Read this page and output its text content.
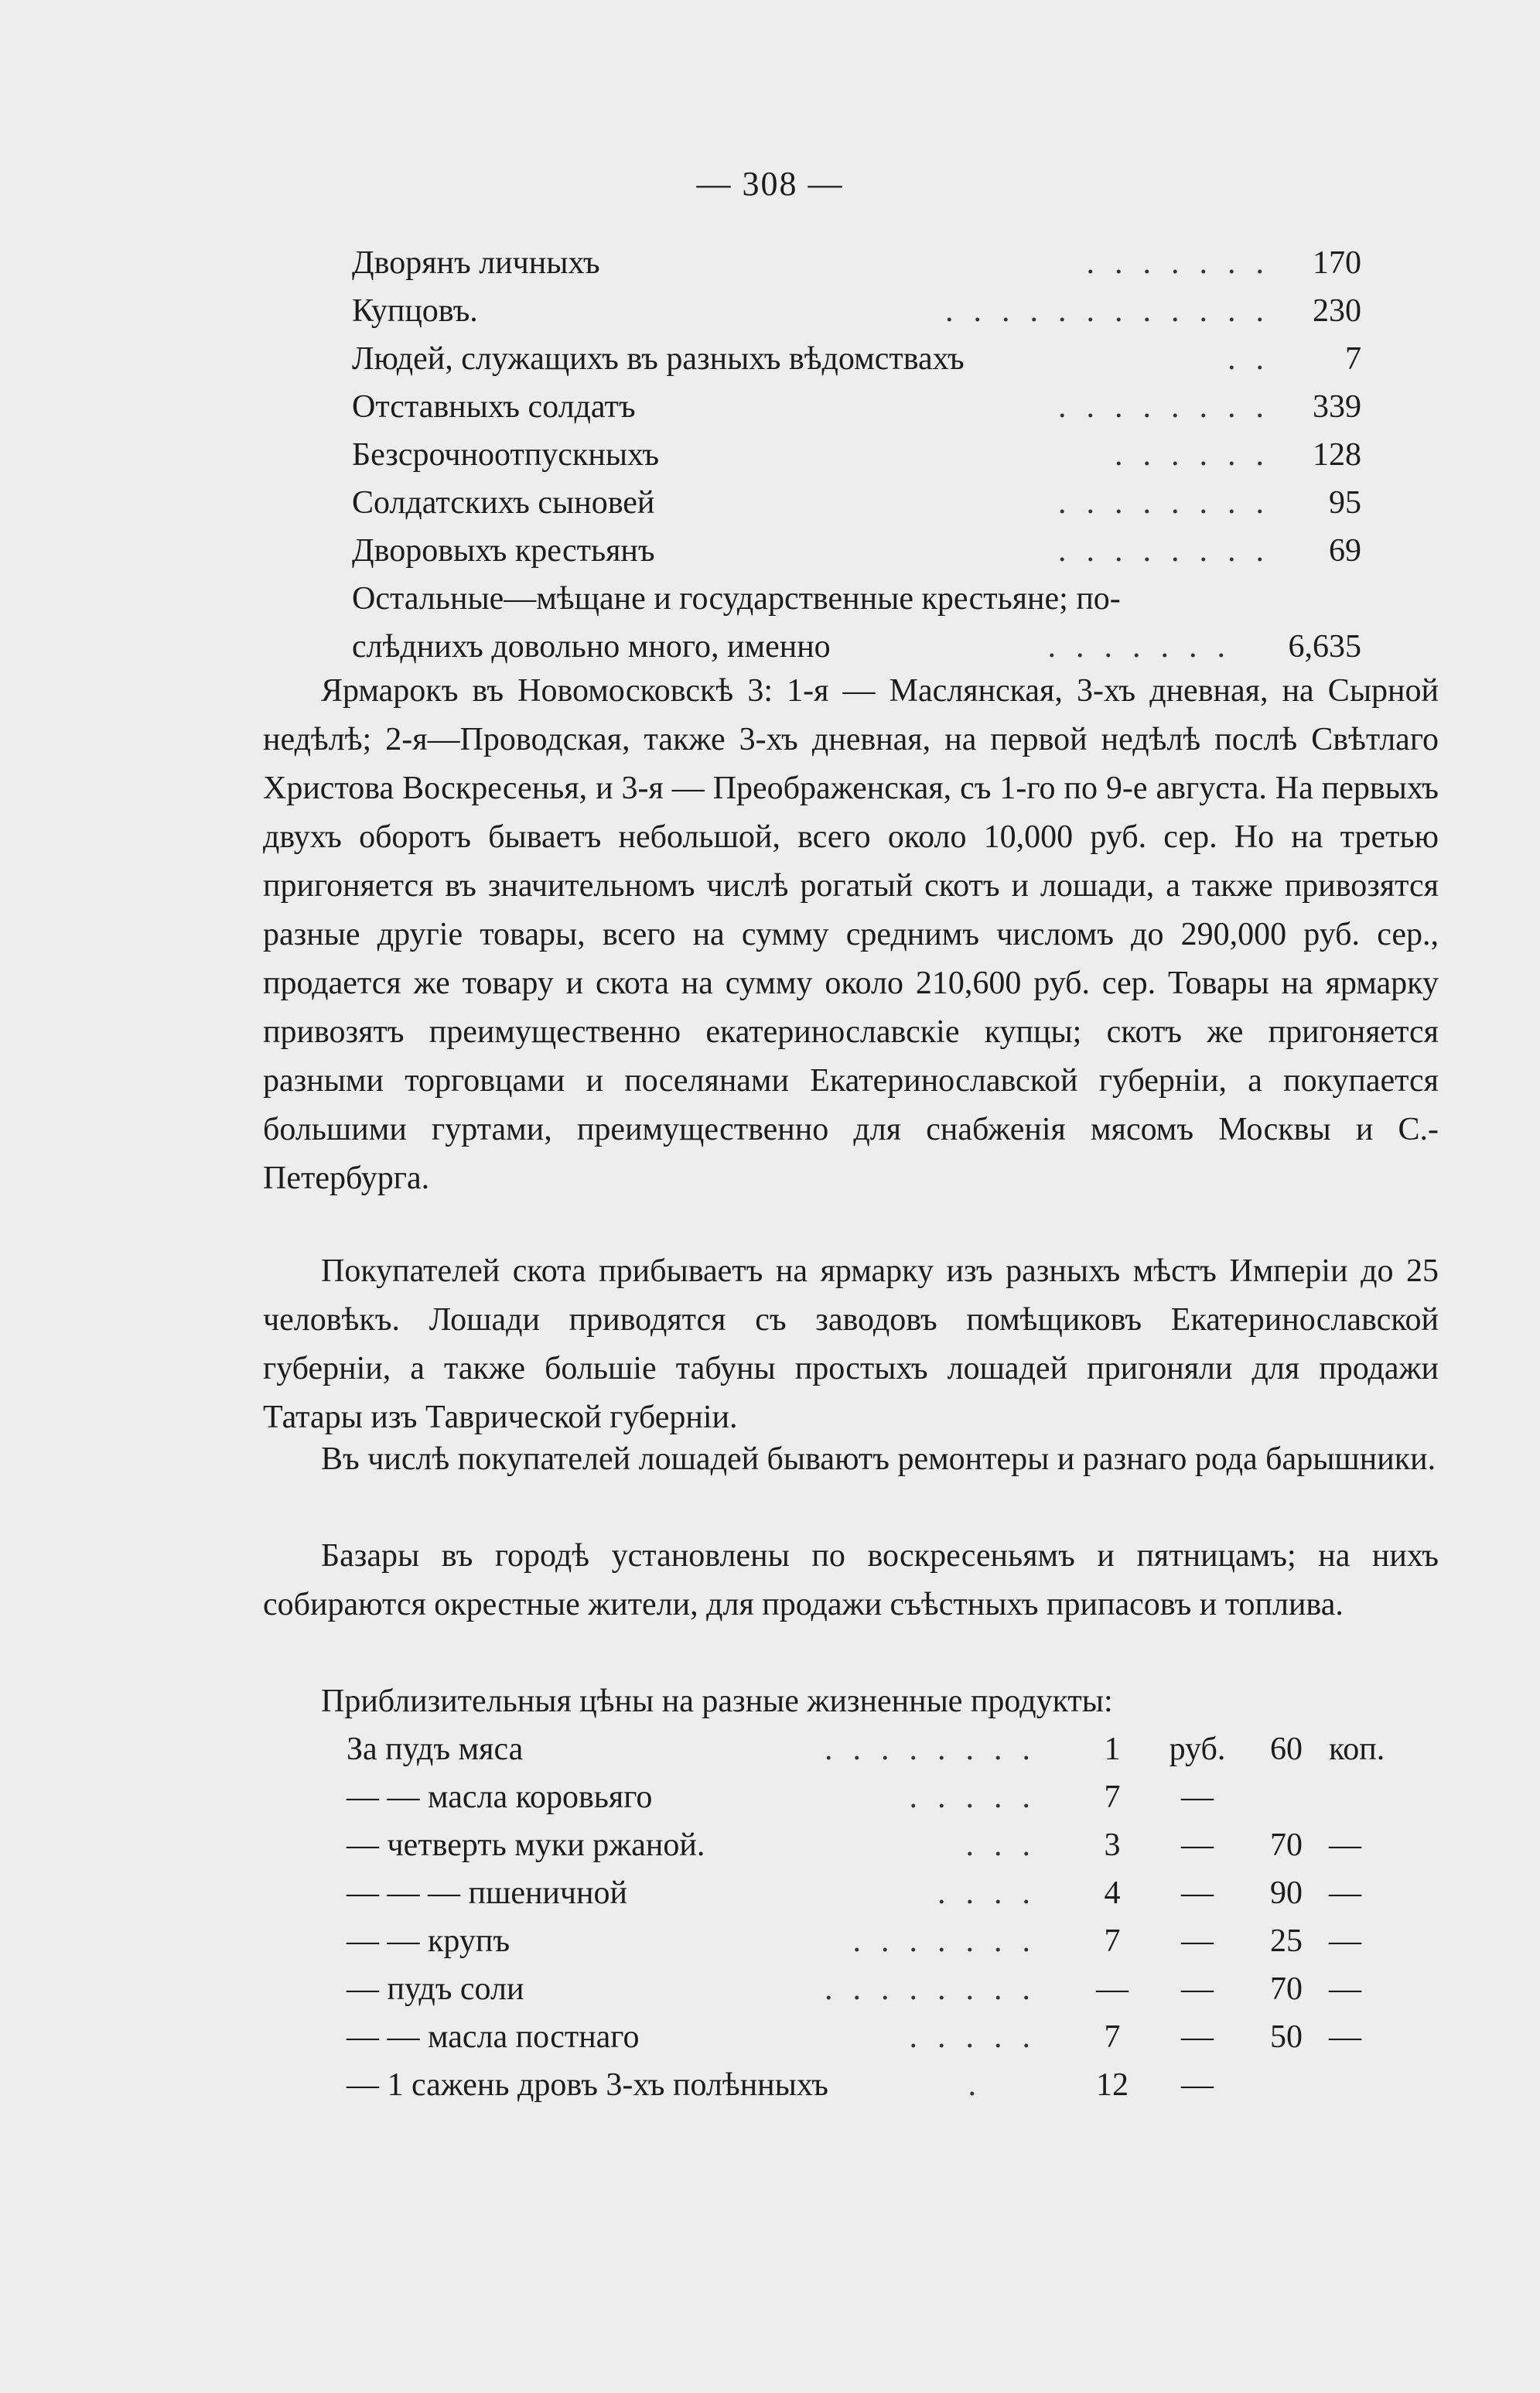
— 308 —
Дворянъ личныхъ	....... 170
Купцовъ.	............ 230
Людей, служащихъ въ разныхъ вѣдомствахъ	.. 7
Отставныхъ солдатъ	........ 339
Безсрочноотпускныхъ	...... 128
Солдатскихъ сыновей	........ 95
Дворовыхъ крестьянъ	........ 69
Остальные—мѣщане и государственные крестьяне; по-
слѣднихъ довольно много, именно	....... 6,635

Ярмарокъ въ Новомосковскѣ 3: 1-я — Маслянская, 3-хъ дневная, на Сырной недѣлѣ; 2-я—Проводская, также 3-хъ дневная, на первой недѣлѣ послѣ Свѣтлаго Христова Воскресенья, и 3-я — Преображенская, съ 1-го по 9-е августа. На первыхъ двухъ оборотъ бываетъ небольшой, всего около 10,000 руб. сер. Но на третью пригоняется въ значительномъ числѣ рогатый скотъ и лошади, а также привозятся разные другіе товары, всего на сумму среднимъ числомъ до 290,000 руб. сер., продается же товару и скота на сумму около 210,600 руб. сер. Товары на ярмарку привозятъ преимущественно екатеринославскіе купцы; скотъ же пригоняется разными торговцами и поселянами Екатеринославской губерніи, а покупается большими гуртами, преимущественно для снабженія мясомъ Москвы и С.-Петербурга.

Покупателей скота прибываетъ на ярмарку изъ разныхъ мѣстъ Имперіи до 25 человѣкъ. Лошади приводятся съ заводовъ помѣщиковъ Екатеринославской губерніи, а также большіе табуны простыхъ лошадей пригоняли для продажи Татары изъ Таврической губерніи.

Въ числѣ покупателей лошадей бываютъ ремонтеры и разнаго рода барышники.

Базары въ городѣ установлены по воскресеньямъ и пятницамъ; на нихъ собираются окрестные жители, для продажи съѣстныхъ припасовъ и топлива.

Приблизительныя цѣны на разные жизненные продукты:

За пудъ мяса	........	1	руб.	60 коп.
— — масла коровьяго	.....	7	—
— четверть муки ржаной.	...	3	—	70 —
— — — пшеничной	....	4	—	90 —
— — крупъ	.......	7	—	25 —
— пудъ соли	........	—	—	70 —
— — масла постнаго	.....	7	—	50 —
— 1 сажень дровъ 3-хъ полѣнныхъ	.	12	—
